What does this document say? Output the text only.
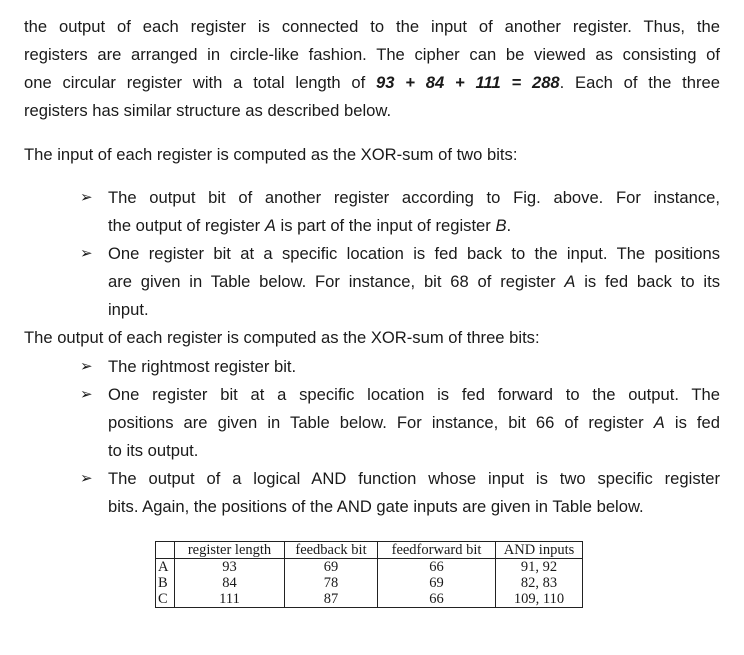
the output of each register is connected to the input of another register. Thus, the
registers are arranged in circle-like fashion. The cipher can be viewed as consisting of
one circular register with a total length of 93 + 84 + 111 = 288. Each of the three
registers has similar structure as described below.
The input of each register is computed as the XOR-sum of two bits:
➢ The output bit of another register according to Fig. above. For instance,
the output of register A is part of the input of register B.
➢ One register bit at a specific location is fed back to the input. The positions
are given in Table below. For instance, bit 68 of register A is fed back to its
input.
The output of each register is computed as the XOR-sum of three bits:
➢ The rightmost register bit.
➢ One register bit at a specific location is fed forward to the output. The
positions are given in Table below. For instance, bit 66 of register A is fed
to its output.
➢ The output of a logical AND function whose input is two specific register
bits. Again, the positions of the AND gate inputs are given in Table below.
	register length	feedback bit	feedforward bit	AND inputs
A	93	69	66	91, 92
B	84	78	69	82, 83
C	111	87	66	109, 110
